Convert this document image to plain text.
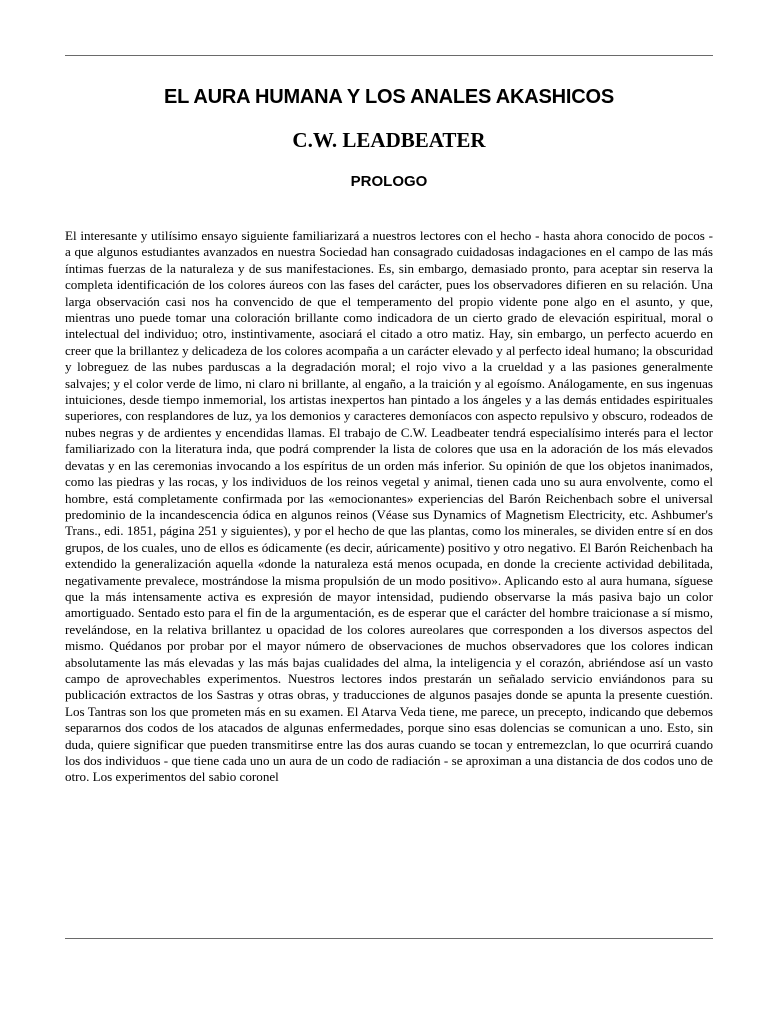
EL AURA HUMANA Y LOS ANALES AKASHICOS
C.W. LEADBEATER
PROLOGO

El interesante y utilísimo ensayo siguiente familiarizará a nuestros lectores con el hecho - hasta ahora conocido de pocos - a que algunos estudiantes avanzados en nuestra Sociedad han consagrado cuidadosas indagaciones en el campo de las más íntimas fuerzas de la naturaleza y de sus manifestaciones. Es, sin embargo, demasiado pronto, para aceptar sin reserva la completa identificación de los colores áureos con las fases del carácter, pues los observadores difieren en su relación. Una larga observación casi nos ha convencido de que el temperamento del propio vidente pone algo en el asunto, y que, mientras uno puede tomar una coloración brillante como indicadora de un cierto grado de elevación espiritual, moral o intelectual del individuo; otro, instintivamente, asociará el citado a otro matiz. Hay, sin embargo, un perfecto acuerdo en creer que la brillantez y delicadeza de los colores acompaña a un carácter elevado y al perfecto ideal humano; la obscuridad y lobreguez de las nubes parduscas a la degradación moral; el rojo vivo a la crueldad y a las pasiones generalmente salvajes; y el color verde de limo, ni claro ni brillante, al engaño, a la traición y al egoísmo. Análogamente, en sus ingenuas intuiciones, desde tiempo inmemorial, los artistas inexpertos han pintado a los ángeles y a las demás entidades espirituales superiores, con resplandores de luz, ya los demonios y caracteres demoníacos con aspecto repulsivo y obscuro, rodeados de nubes negras y de ardientes y encendidas llamas. El trabajo de C.W. Leadbeater tendrá especialísimo interés para el lector familiarizado con la literatura inda, que podrá comprender la lista de colores que usa en la adoración de los más elevados devatas y en las ceremonias invocando a los espíritus de un orden más inferior. Su opinión de que los objetos inanimados, como las piedras y las rocas, y los individuos de los reinos vegetal y animal, tienen cada uno su aura envolvente, como el hombre, está completamente confirmada por las «emocionantes» experiencias del Barón Reichenbach sobre el universal predominio de la incandescencia ódica en algunos reinos (Véase sus Dynamics of Magnetism Electricity, etc. Ashbumer's Trans., edi. 1851, página 251 y siguientes), y por el hecho de que las plantas, como los minerales, se dividen entre sí en dos grupos, de los cuales, uno de ellos es ódicamente (es decir, aúricamente) positivo y otro negativo. El Barón Reichenbach ha extendido la generalización aquella «donde la naturaleza está menos ocupada, en donde la creciente actividad debilitada, negativamente prevalece, mostrándose la misma propulsión de un modo positivo». Aplicando esto al aura humana, síguese que la más intensamente activa es expresión de mayor intensidad, pudiendo observarse la más pasiva bajo un color amortiguado. Sentado esto para el fin de la argumentación, es de esperar que el carácter del hombre traicionase a sí mismo, revelándose, en la relativa brillantez u opacidad de los colores aureolares que corresponden a los diversos aspectos del mismo. Quédanos por probar por el mayor número de observaciones de muchos observadores que los colores indican absolutamente las más elevadas y las más bajas cualidades del alma, la inteligencia y el corazón, abriéndose así un vasto campo de aprovechables experimentos. Nuestros lectores indos prestarán un señalado servicio enviándonos para su publicación extractos de los Sastras y otras obras, y traducciones de algunos pasajes donde se apunta la presente cuestión. Los Tantras son los que prometen más en su examen. El Atarva Veda tiene, me parece, un precepto, indicando que debemos separarnos dos codos de los atacados de algunas enfermedades, porque sino esas dolencias se comunican a uno. Esto, sin duda, quiere significar que pueden transmitirse entre las dos auras cuando se tocan y entremezclan, lo que ocurrirá cuando los dos individuos - que tiene cada uno un aura de un codo de radiación - se aproximan a una distancia de dos codos uno de otro. Los experimentos del sabio coronel
